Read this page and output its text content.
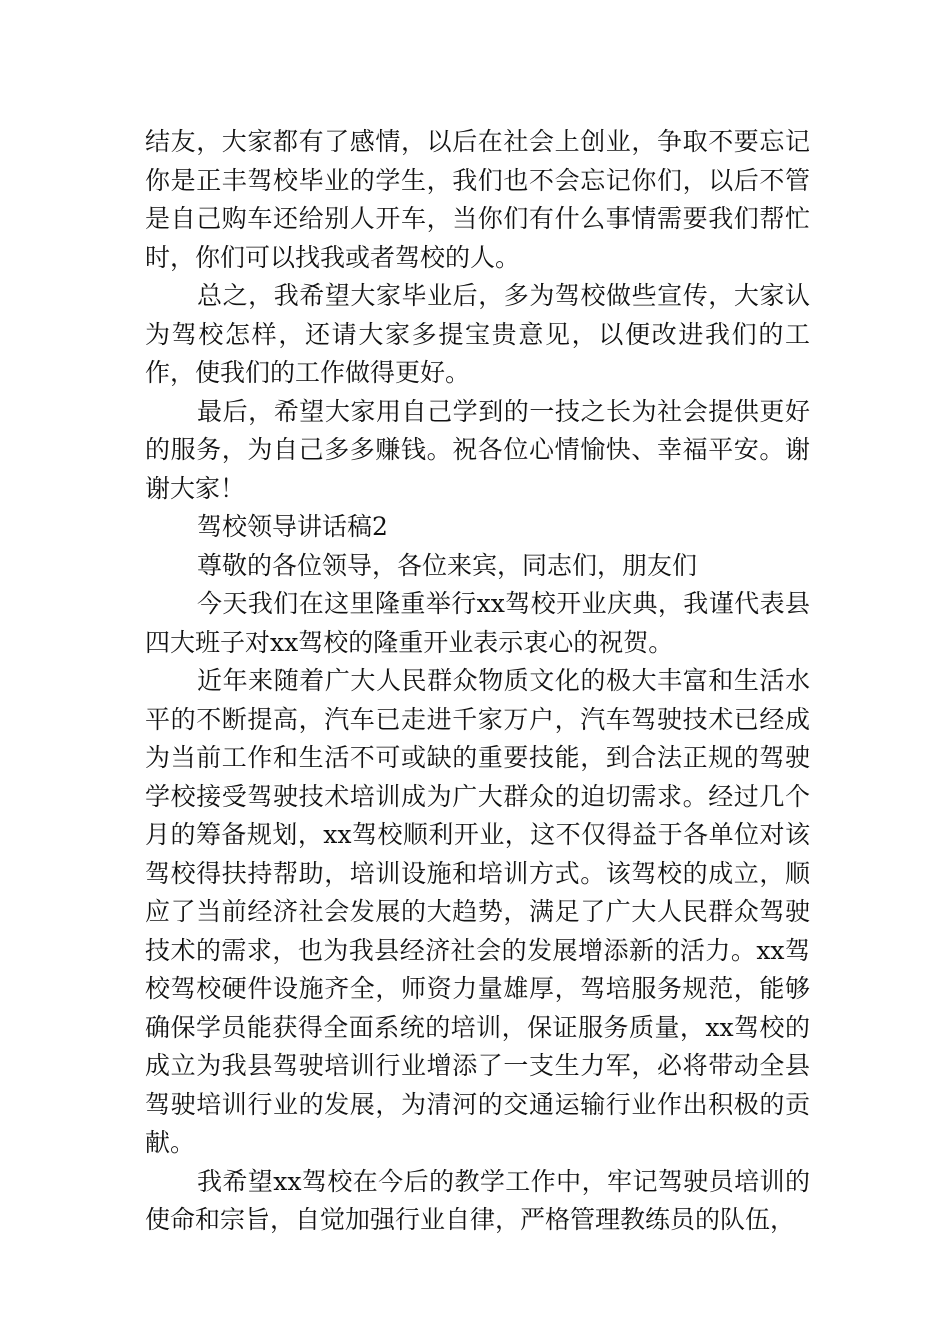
结友，大家都有了感情，以后在社会上创业，争取不要忘记你是正丰驾校毕业的学生，我们也不会忘记你们，以后不管是自己购车还给别人开车，当你们有什么事情需要我们帮忙时，你们可以找我或者驾校的人。

总之，我希望大家毕业后，多为驾校做些宣传，大家认为驾校怎样，还请大家多提宝贵意见，以便改进我们的工作，使我们的工作做得更好。

最后，希望大家用自己学到的一技之长为社会提供更好的服务，为自己多多赚钱。祝各位心情愉快、幸福平安。谢谢大家！

驾校领导讲话稿2

尊敬的各位领导，各位来宾，同志们，朋友们

今天我们在这里隆重举行xx驾校开业庆典，我谨代表县四大班子对xx驾校的隆重开业表示衷心的祝贺。

近年来随着广大人民群众物质文化的极大丰富和生活水平的不断提高，汽车已走进千家万户，汽车驾驶技术已经成为当前工作和生活不可或缺的重要技能，到合法正规的驾驶学校接受驾驶技术培训成为广大群众的迫切需求。经过几个月的筹备规划，xx驾校顺利开业，这不仅得益于各单位对该驾校得扶持帮助，培训设施和培训方式。该驾校的成立，顺应了当前经济社会发展的大趋势，满足了广大人民群众驾驶技术的需求，也为我县经济社会的发展增添新的活力。xx驾校驾校硬件设施齐全，师资力量雄厚，驾培服务规范，能够确保学员能获得全面系统的培训，保证服务质量，xx驾校的成立为我县驾驶培训行业增添了一支生力军，必将带动全县驾驶培训行业的发展，为清河的交通运输行业作出积极的贡献。

我希望xx驾校在今后的教学工作中，牢记驾驶员培训的使命和宗旨，自觉加强行业自律，严格管理教练员的队伍，
